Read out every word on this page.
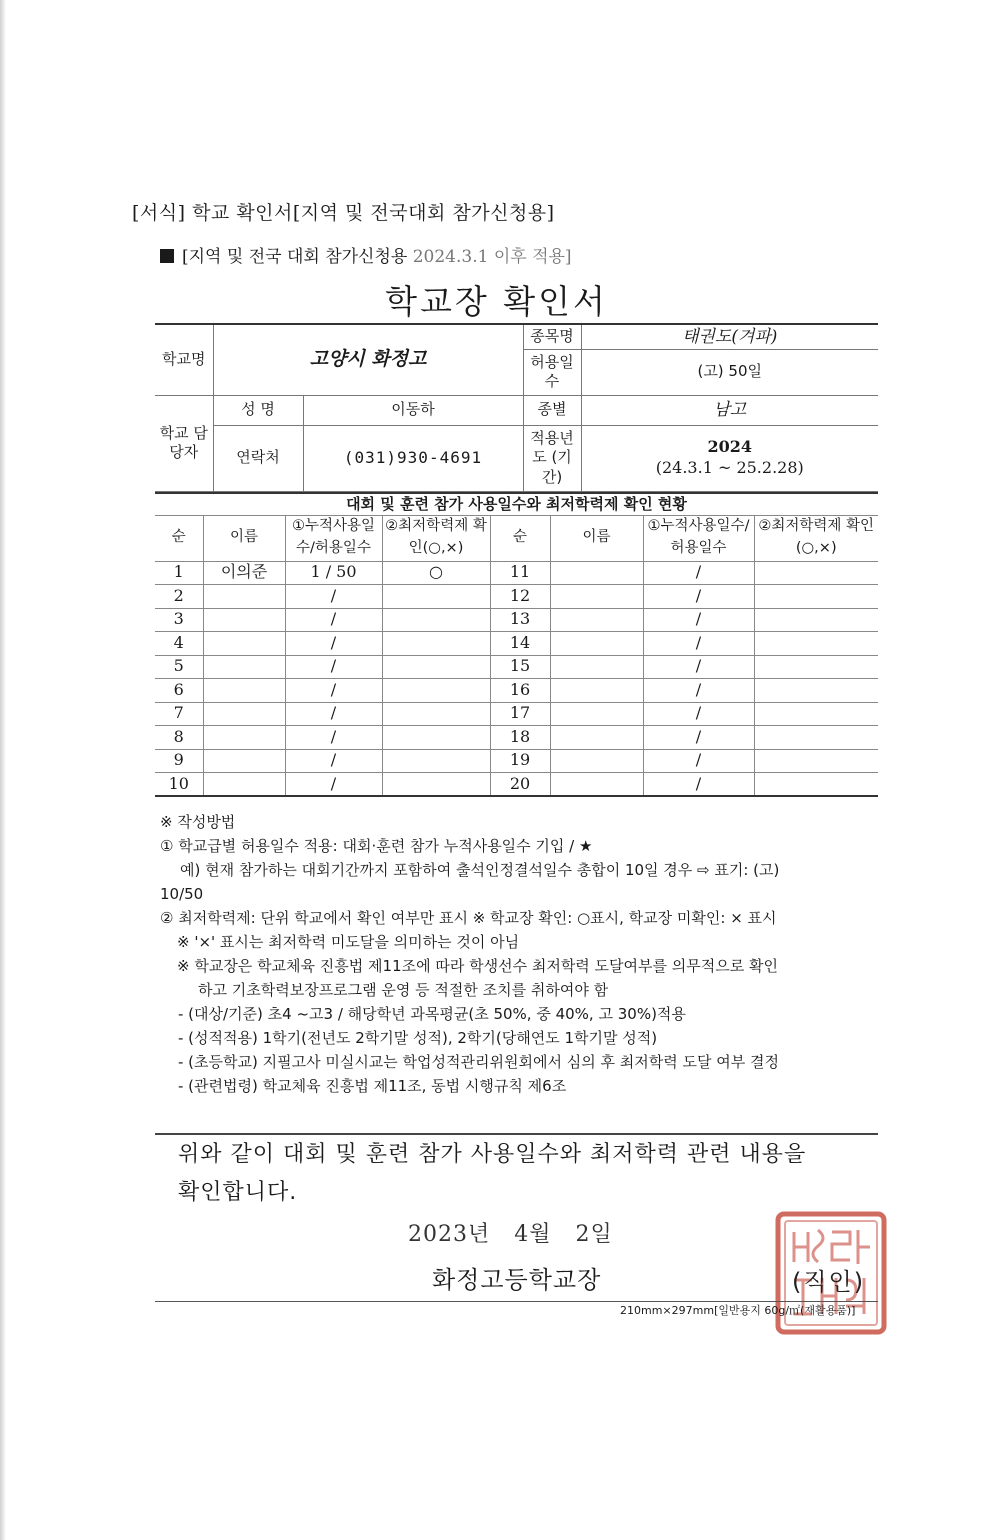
[서식] 학교 확인서[지역 및 전국대회 참가신청용]
[지역 및 전국 대회 참가신청용 2024.3.1 이후 적용]
학교장 확인서
학교명	고양시 화정고		종목명	태권도(겨파)
			허용일수	(고) 50일
학교 담당자	성 명	이동하	종별	남고
	연락처	(031)930-4691	적용년도 (기간)	2024
(24.3.1 ~ 25.2.28)
대회 및 훈련 참가 사용일수와 최저학력제 확인 현황							
순	이름	①누적사용일수/허용일수	②최저학력제 확인(○,×)	순	이름	①누적사용일수/허용일수	②최저학력제 확인(○,×)
1	이의준	1 / 50	○	11		/	
2		/		12		/	
3		/		13		/	
4		/		14		/	
5		/		15		/	
6		/		16		/	
7		/		17		/	
8		/		18		/	
9		/		19		/	
10		/		20		/	
※ 작성방법
① 학교급별 허용일수 적용: 대회·훈련 참가 누적사용일수 기입 / ★
예) 현재 참가하는 대회기간까지 포함하여 출석인정결석일수 총합이 10일 경우 ⇨ 표기: (고)
10/50
② 최저학력제: 단위 학교에서 확인 여부만 표시 ※ 학교장 확인: ○표시, 학교장 미확인: × 표시
※ '×' 표시는 최저학력 미도달을 의미하는 것이 아님
※ 학교장은 학교체육 진흥법 제11조에 따라 학생선수 최저학력 도달여부를 의무적으로 확인
하고 기초학력보장프로그램 운영 등 적절한 조치를 취하여야 함
- (대상/기준) 초4 ~고3 / 해당학년 과목평균(초 50%, 중 40%, 고 30%)적용
- (성적적용) 1학기(전년도 2학기말 성적), 2학기(당해연도 1학기말 성적)
- (초등학교) 지필고사 미실시교는 학업성적관리위원회에서 심의 후 최저학력 도달 여부 결정
- (관련법령) 학교체육 진흥법 제11조, 동법 시행규칙 제6조
위와 같이 대회 및 훈련 참가 사용일수와 최저학력 관련 내용을
확인합니다.
2023년   4월   2일
화정고등학교장	(직인)
210mm×297mm[일반용지 60g/㎡(재활용품)]
